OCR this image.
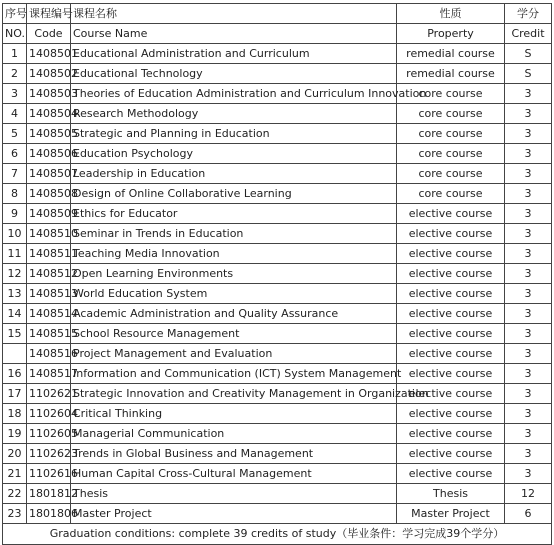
序号	课程编号	课程名称	性质	学分
NO.	Code	Course Name	Property	Credit
1	1408501	Educational Administration and Curriculum	remedial course	S
2	1408502	Educational Technology	remedial course	S
3	1408503	Theories of Education Administration and Curriculum Innovation	core course	3
4	1408504	Research Methodology	core course	3
5	1408505	Strategic and Planning in Education	core course	3
6	1408506	Education Psychology	core course	3
7	1408507	Leadership in Education	core course	3
8	1408508	Design of Online Collaborative Learning	core course	3
9	1408509	Ethics for Educator	elective course	3
10	1408510	Seminar in Trends in Education	elective course	3
11	1408511	Teaching Media Innovation	elective course	3
12	1408512	Open Learning Environments	elective course	3
13	1408513	World Education System	elective course	3
14	1408514	Academic Administration and Quality Assurance	elective course	3
15	1408515	School Resource Management	elective course	3
	1408516	Project Management and Evaluation	elective course	3
16	1408517	Information and Communication (ICT) System Management	elective course	3
17	1102621	Strategic Innovation and Creativity Management in Organization	elective course	3
18	1102604	Critical Thinking	elective course	3
19	1102605	Managerial Communication	elective course	3
20	1102623	Trends in Global Business and Management	elective course	3
21	1102616	Human Capital Cross-Cultural Management	elective course	3
22	1801812	Thesis	Thesis	12
23	1801806	Master Project	Master Project	6
Graduation conditions: complete 39 credits of study（毕业条件：学习完成39个学分）				
